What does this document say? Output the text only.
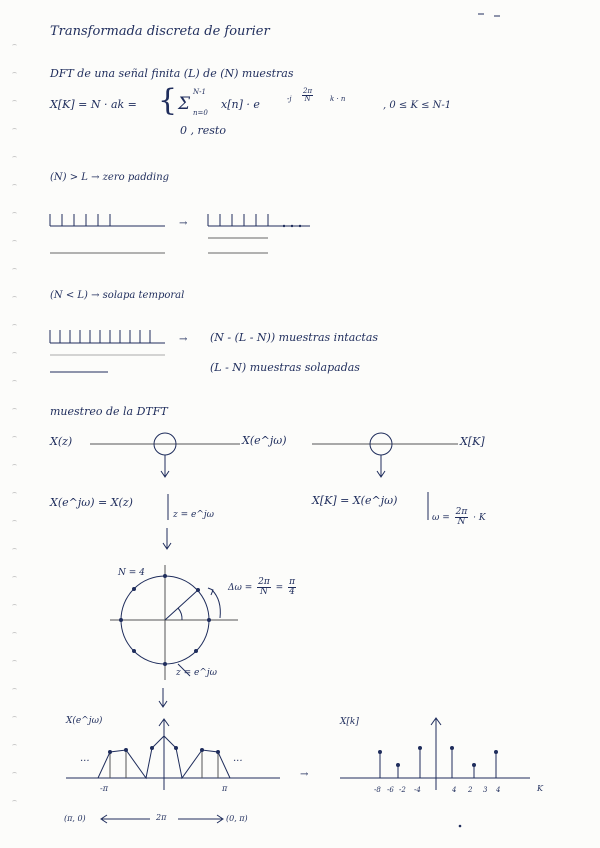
Transformada discreta de fourier
DFT de una señal finita (L) de (N) muestras
X[K] = N · ak = { N-1
Σ n=0
x[n] · e	$-j \frac{2\pi}{N}$ k · n
, 0 ≤ K ≤ N-1
0 , resto
(N) > L → zero padding
→
(N < L) → solapa temporal
→ (N - (L - N)) muestras intactas
(L - N) muestras solapadas
muestreo de la DTFT
X(z)	X(e^jω)	X[K]
X(e^jω) = X(z)
z = e^jω
X[K] = X(e^jω)
$\omega = \frac{2\pi}{N} \cdot K$
N = 4
$\Delta\omega = \frac{2\pi}{N} = \frac{\pi}{4}$
z = e^jω
X(e^jω)
...	...
-π	π
→
X[k]
-8 -6 -2 -4	4 2 3 4	K
(π, 0)	2π	(0, π)
